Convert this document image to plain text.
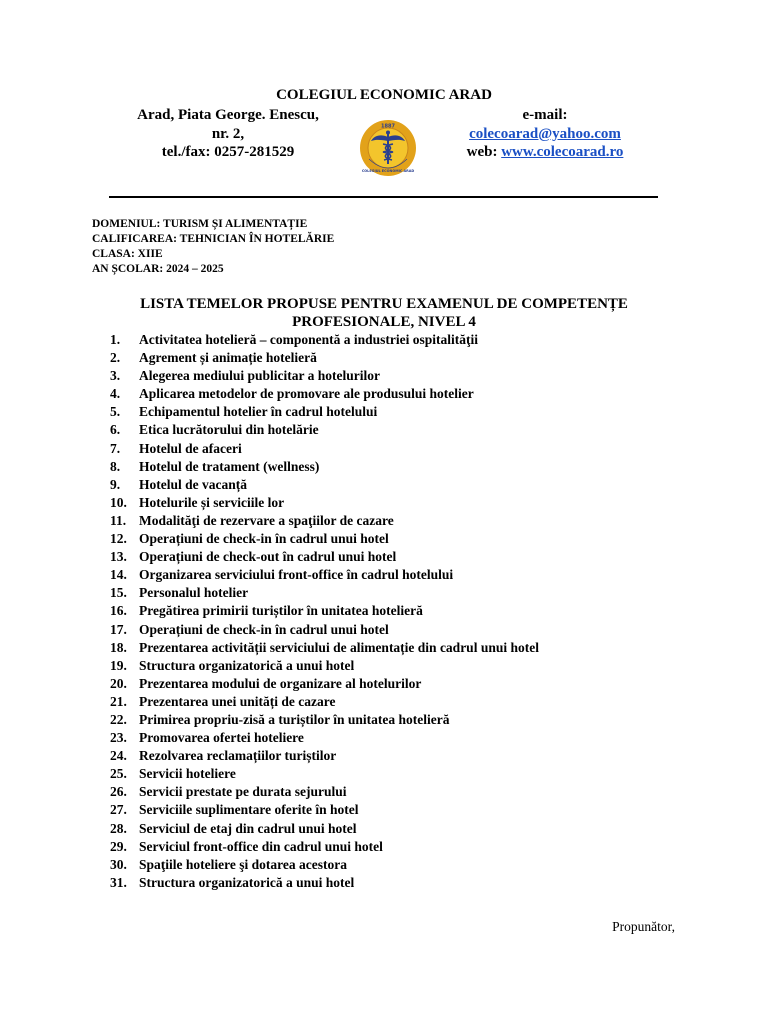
COLEGIUL ECONOMIC ARAD
Arad, Piata George. Enescu,
nr. 2,
tel./fax: 0257-281529
1887
COLEGIUL ECONOMIC ARAD
e-mail:
colecoarad@yahoo.com
web: www.colecoarad.ro
DOMENIUL: TURISM ȘI ALIMENTAȚIE
CALIFICAREA: TEHNICIAN ÎN HOTELĂRIE
CLASA: XIIE
AN ȘCOLAR: 2024 – 2025
LISTA TEMELOR PROPUSE PENTRU EXAMENUL DE COMPETENȚE
PROFESIONALE, NIVEL 4
1. Activitatea hotelieră – componentă a industriei ospitalităţii
2. Agrement și animație hotelieră
3. Alegerea mediului publicitar a hotelurilor
4. Aplicarea metodelor de promovare ale produsului hotelier
5. Echipamentul hotelier în cadrul hotelului
6. Etica lucrătorului din hotelărie
7. Hotelul de afaceri
8. Hotelul de tratament (wellness)
9. Hotelul de vacanță
10. Hotelurile și serviciile lor
11. Modalităţi de rezervare a spaţiilor de cazare
12. Operațiuni de check-in în cadrul unui hotel
13. Operațiuni de check-out în cadrul unui hotel
14. Organizarea serviciului front-office în cadrul hotelului
15. Personalul hotelier
16. Pregătirea primirii turiștilor în unitatea hotelieră
17. Operațiuni de check-in în cadrul unui hotel
18. Prezentarea activității serviciului de alimentație din cadrul unui hotel
19. Structura organizatorică a unui hotel
20. Prezentarea modului de organizare al hotelurilor
21. Prezentarea unei unități de cazare
22. Primirea propriu-zisă a turiștilor în unitatea hotelieră
23. Promovarea ofertei hoteliere
24. Rezolvarea reclamațiilor turiștilor
25. Servicii hoteliere
26. Servicii prestate pe durata sejurului
27. Serviciile suplimentare oferite în hotel
28. Serviciul de etaj din cadrul unui hotel
29. Serviciul front-office din cadrul unui hotel
30. Spaţiile hoteliere şi dotarea acestora
31. Structura organizatorică a unui hotel
Propunător,
